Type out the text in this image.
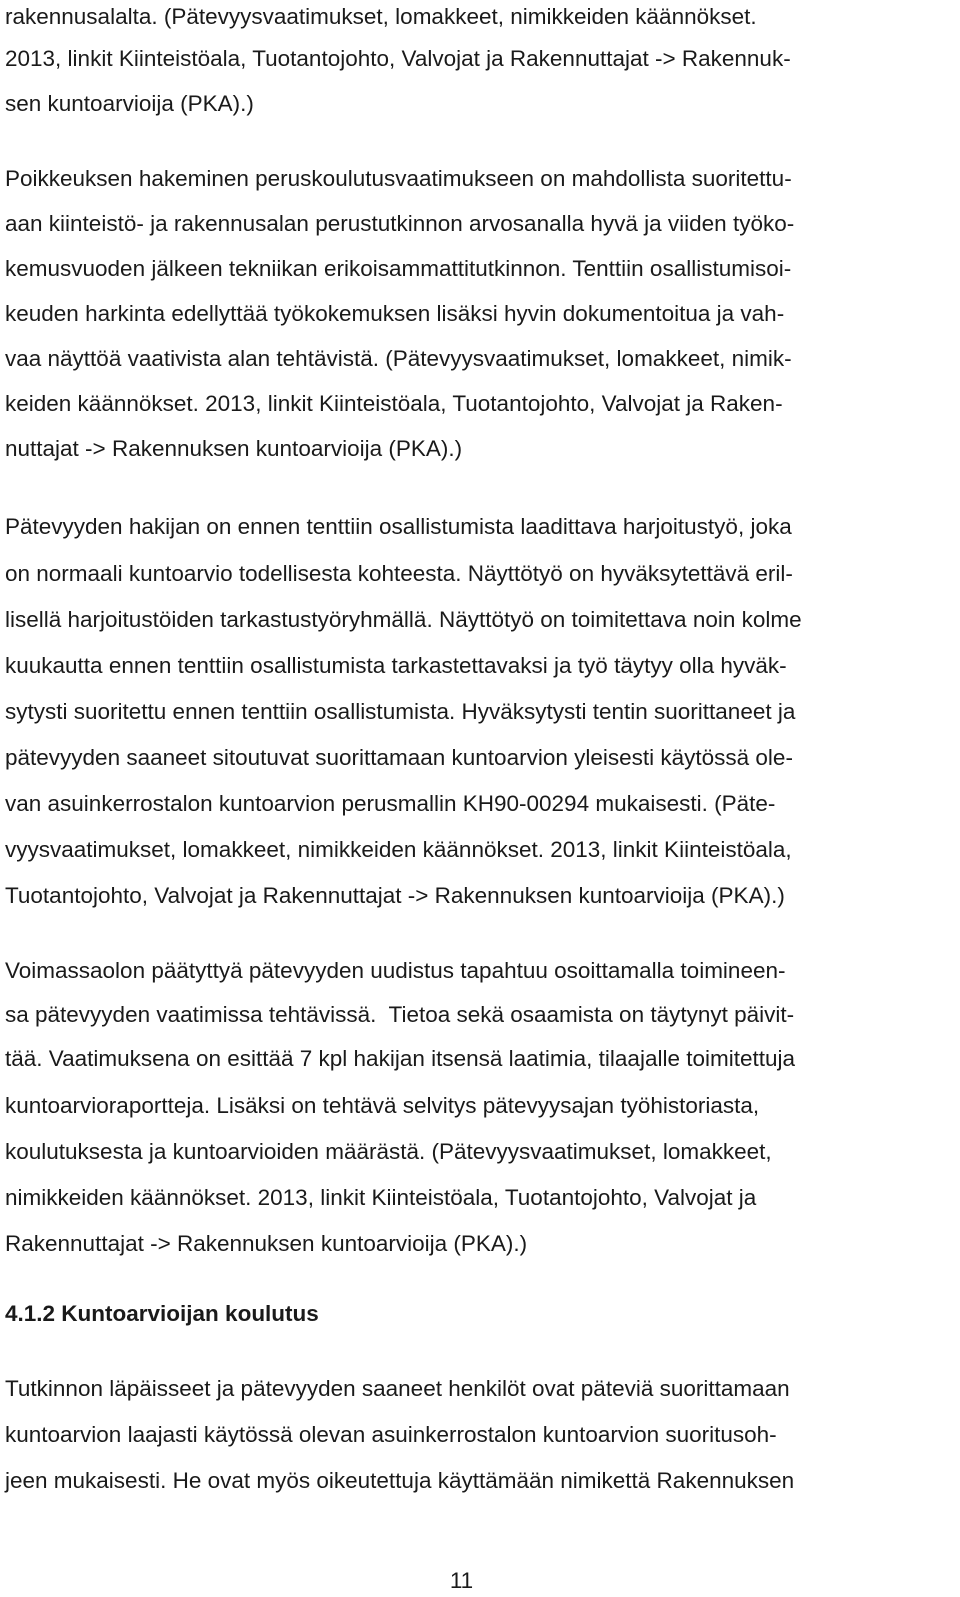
rakennusalalta. (Pätevyysvaatimukset, lomakkeet, nimikkeiden käännökset.
2013, linkit Kiinteistöala, Tuotantojohto, Valvojat ja Rakennuttajat -> Rakennuk-
sen kuntoarvioija (PKA).)
Poikkeuksen hakeminen peruskoulutusvaatimukseen on mahdollista suoritettu-
aan kiinteistö- ja rakennusalan perustutkinnon arvosanalla hyvä ja viiden työko-
kemusvuoden jälkeen tekniikan erikoisammattitutkinnon. Tenttiin osallistumisoi-
keuden harkinta edellyttää työkokemuksen lisäksi hyvin dokumentoitua ja vah-
vaa näyttöä vaativista alan tehtävistä. (Pätevyysvaatimukset, lomakkeet, nimik-
keiden käännökset. 2013, linkit Kiinteistöala, Tuotantojohto, Valvojat ja Raken-
nuttajat -> Rakennuksen kuntoarvioija (PKA).)
Pätevyyden hakijan on ennen tenttiin osallistumista laadittava harjoitustyö, joka
on normaali kuntoarvio todellisesta kohteesta. Näyttötyö on hyväksytettävä eril-
lisellä harjoitustöiden tarkastustyöryhmällä. Näyttötyö on toimitettava noin kolme
kuukautta ennen tenttiin osallistumista tarkastettavaksi ja työ täytyy olla hyväk-
sytysti suoritettu ennen tenttiin osallistumista. Hyväksytysti tentin suorittaneet ja
pätevyyden saaneet sitoutuvat suorittamaan kuntoarvion yleisesti käytössä ole-
van asuinkerrostalon kuntoarvion perusmallin KH90-00294 mukaisesti. (Päte-
vyysvaatimukset, lomakkeet, nimikkeiden käännökset. 2013, linkit Kiinteistöala,
Tuotantojohto, Valvojat ja Rakennuttajat -> Rakennuksen kuntoarvioija (PKA).)
Voimassaolon päätyttyä pätevyyden uudistus tapahtuu osoittamalla toimineen-
sa pätevyyden vaatimissa tehtävissä.  Tietoa sekä osaamista on täytynyt päivit-
tää. Vaatimuksena on esittää 7 kpl hakijan itsensä laatimia, tilaajalle toimitettuja
kuntoarvioraportteja. Lisäksi on tehtävä selvitys pätevyysajan työhistoriasta,
koulutuksesta ja kuntoarvioiden määrästä. (Pätevyysvaatimukset, lomakkeet,
nimikkeiden käännökset. 2013, linkit Kiinteistöala, Tuotantojohto, Valvojat ja
Rakennuttajat -> Rakennuksen kuntoarvioija (PKA).)
4.1.2 Kuntoarvioijan koulutus
Tutkinnon läpäisseet ja pätevyyden saaneet henkilöt ovat päteviä suorittamaan
kuntoarvion laajasti käytössä olevan asuinkerrostalon kuntoarvion suoritusoh-
jeen mukaisesti. He ovat myös oikeutettuja käyttämään nimikettä Rakennuksen
11
